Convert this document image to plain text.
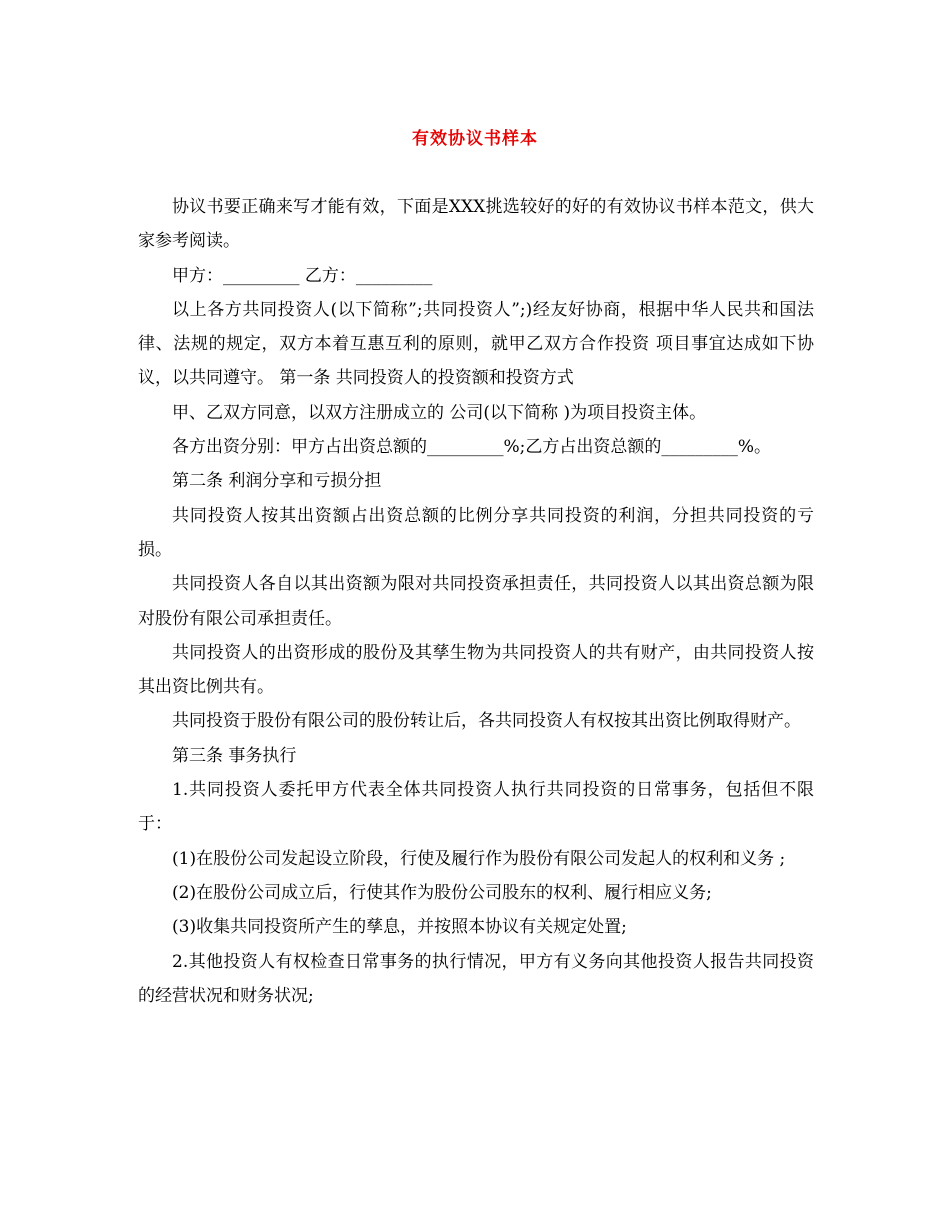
有效协议书样本

协议书要正确来写才能有效，下面是XXX挑选较好的好的有效协议书样本范文，供大家参考阅读。

甲方：_________ 乙方：_________

以上各方共同投资人(以下简称”;共同投资人”;)经友好协商，根据中华人民共和国法律、法规的规定，双方本着互惠互利的原则，就甲乙双方合作投资 项目事宜达成如下协议，以共同遵守。 第一条 共同投资人的投资额和投资方式

甲、乙双方同意，以双方注册成立的 公司(以下简称 )为项目投资主体。

各方出资分别：甲方占出资总额的_________%;乙方占出资总额的_________%。

第二条 利润分享和亏损分担

共同投资人按其出资额占出资总额的比例分享共同投资的利润，分担共同投资的亏损。

共同投资人各自以其出资额为限对共同投资承担责任，共同投资人以其出资总额为限对股份有限公司承担责任。

共同投资人的出资形成的股份及其孳生物为共同投资人的共有财产，由共同投资人按其出资比例共有。

共同投资于股份有限公司的股份转让后，各共同投资人有权按其出资比例取得财产。

第三条 事务执行

1.共同投资人委托甲方代表全体共同投资人执行共同投资的日常事务，包括但不限于：

(1)在股份公司发起设立阶段，行使及履行作为股份有限公司发起人的权利和义务 ;

(2)在股份公司成立后，行使其作为股份公司股东的权利、履行相应义务;

(3)收集共同投资所产生的孳息，并按照本协议有关规定处置;

2.其他投资人有权检查日常事务的执行情况，甲方有义务向其他投资人报告共同投资的经营状况和财务状况;
